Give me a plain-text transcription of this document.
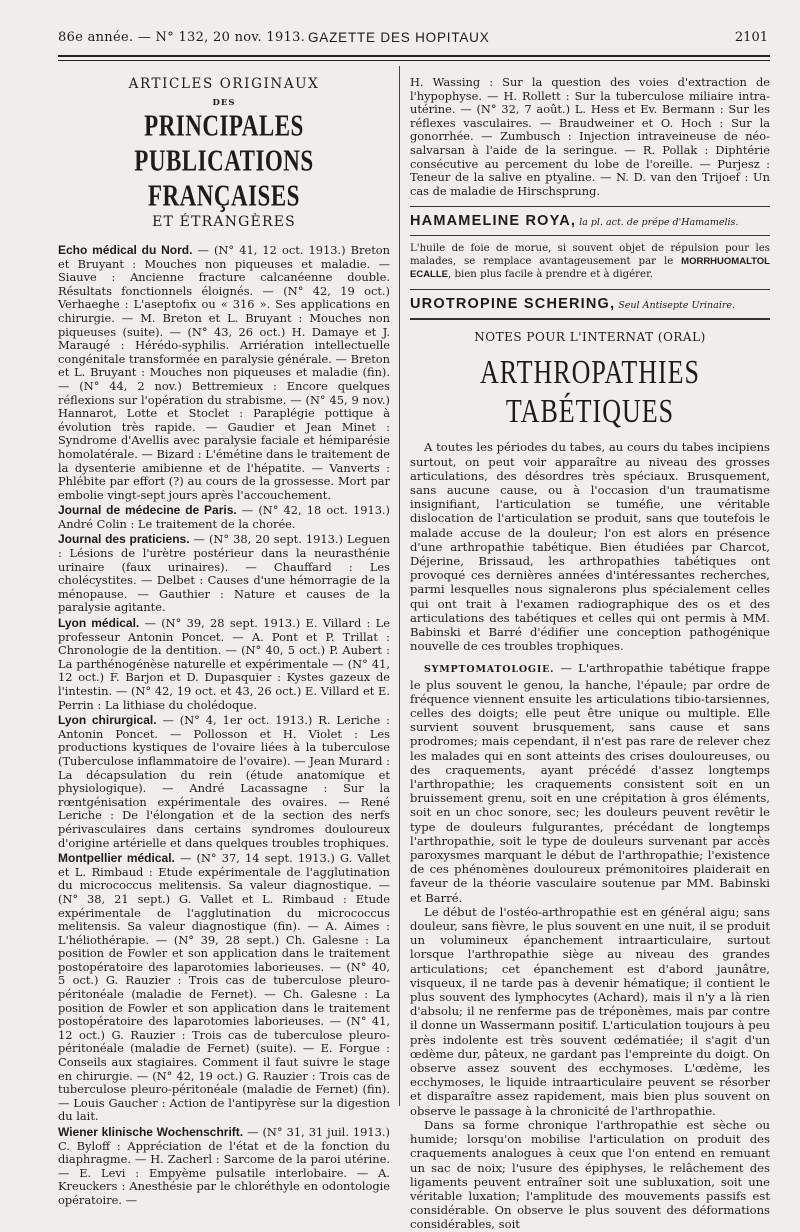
86e année. — N° 132, 20 nov. 1913. GAZETTE DES HOPITAUX	2101
ARTICLES ORIGINAUX
DES
PRINCIPALES PUBLICATIONS FRANÇAISES
ET ÉTRANGÈRES

Echo médical du Nord. — (N° 41, 12 oct. 1913.) Breton et Bruyant : Mouches non piqueuses et maladie. — Siauve : Ancienne fracture calcanéenne double. Résultats fonctionnels éloignés. — (N° 42, 19 oct.) Verhaeghe : L'aseptofix ou « 316 ». Ses applications en chirurgie. — M. Breton et L. Bruyant : Mouches non piqueuses (suite). — (N° 43, 26 oct.) H. Damaye et J. Maraugé : Hérédo-syphilis. Arriération intellectuelle congénitale transformée en paralysie générale. — Breton et L. Bruyant : Mouches non piqueuses et maladie (fin). — (N° 44, 2 nov.) Bettremieux : Encore quelques réflexions sur l'opération du strabisme. — (N° 45, 9 nov.) Hannarot, Lotte et Stoclet : Paraplégie pottique à évolution très rapide. — Gaudier et Jean Minet : Syndrome d'Avellis avec paralysie faciale et hémiparésie homolatérale. — Bizard : L'émétine dans le traitement de la dysenterie amibienne et de l'hépatite. — Vanverts : Phlébite par effort (?) au cours de la grossesse. Mort par embolie vingt-sept jours après l'accouchement.

Journal de médecine de Paris. — (N° 42, 18 oct. 1913.) André Colin : Le traitement de la chorée.

Journal des praticiens. — (N° 38, 20 sept. 1913.) Leguen : Lésions de l'urètre postérieur dans la neurasthénie urinaire (faux urinaires). — Chauffard : Les cholécystites. — Delbet : Causes d'une hémorragie de la ménopause. — Gauthier : Nature et causes de la paralysie agitante.

Lyon médical. — (N° 39, 28 sept. 1913.) E. Villard : Le professeur Antonin Poncet. — A. Pont et P. Trillat : Chronologie de la dentition. — (N° 40, 5 oct.) P. Aubert : La parthénogénèse naturelle et expérimentale — (N° 41, 12 oct.) F. Barjon et D. Dupasquier : Kystes gazeux de l'intestin. — (N° 42, 19 oct. et 43, 26 oct.) E. Villard et E. Perrin : La lithiase du cholédoque.

Lyon chirurgical. — (N° 4, 1er oct. 1913.) R. Leriche : Antonin Poncet. — Pollosson et H. Violet : Les productions kystiques de l'ovaire liées à la tuberculose (Tuberculose inflammatoire de l'ovaire). — Jean Murard : La décapsulation du rein (étude anatomique et physiologique). — André Lacassagne : Sur la rœntgénisation expérimentale des ovaires. — René Leriche : De l'élongation et de la section des nerfs périvasculaires dans certains syndromes douloureux d'origine artérielle et dans quelques troubles trophiques.

Montpellier médical. — (N° 37, 14 sept. 1913.) G. Vallet et L. Rimbaud : Etude expérimentale de l'agglutination du micrococcus melitensis. Sa valeur diagnostique. — (N° 38, 21 sept.) G. Vallet et L. Rimbaud : Etude expérimentale de l'agglutination du micrococcus melitensis. Sa valeur diagnostique (fin). — A. Aimes : L'héliothérapie. — (N° 39, 28 sept.) Ch. Galesne : La position de Fowler et son application dans le traitement postopératoire des laparotomies laborieuses. — (N° 40, 5 oct.) G. Rauzier : Trois cas de tuberculose pleuro-péritonéale (maladie de Fernet). — Ch. Galesne : La position de Fowler et son application dans le traitement postopératoire des laparotomies laborieuses. — (N° 41, 12 oct.) G. Rauzier : Trois cas de tuberculose pleuro-péritonéale (maladie de Fernet) (suite). — E. Forgue : Conseils aux stagiaires. Comment il faut suivre le stage en chirurgie. — (N° 42, 19 oct.) G. Rauzier : Trois cas de tuberculose pleuro-péritonéale (maladie de Fernet) (fin). — Louis Gaucher : Action de l'antipyrèse sur la digestion du lait.

Wiener klinische Wochenschrift. — (N° 31, 31 juil. 1913.) C. Byloff : Appréciation de l'état et de la fonction du diaphragme. — H. Zacherl : Sarcome de la paroi utérine. — E. Levi : Empyème pulsatile interlobaire. — A. Kreuckers : Anesthésie par le chloréthyle en odontologie opératoire. —

H. Wassing : Sur la question des voies d'extraction de l'hypophyse. — H. Rollett : Sur la tuberculose miliaire intra-utérine. — (N° 32, 7 août.) L. Hess et Ev. Bermann : Sur les réflexes vasculaires. — Braudweiner et O. Hoch : Sur la gonorrhée. — Zumbusch : Injection intraveineuse de néo-salvarsan à l'aide de la seringue. — R. Pollak : Diphtérie consécutive au percement du lobe de l'oreille. — Purjesz : Teneur de la salive en ptyaline. — N. D. van den Trijoef : Un cas de maladie de Hirschsprung.

HAMAMELINE ROYA, la pl. act. de prépe d'Hamamelis.

L'huile de foie de morue, si souvent objet de répulsion pour les malades, se remplace avantageusement par le MORRHUOMALTOL ECALLE, bien plus facile à prendre et à digérer.

UROTROPINE SCHERING, Seul Antisepte Urinaire.
NOTES POUR L'INTERNAT (ORAL)
ARTHROPATHIES TABÉTIQUES

A toutes les périodes du tabes, au cours du tabes incipiens surtout, on peut voir apparaître au niveau des grosses articulations, des désordres très spéciaux. Brusquement, sans aucune cause, ou à l'occasion d'un traumatisme insignifiant, l'articulation se tuméfie, une véritable dislocation de l'articulation se produit, sans que toutefois le malade accuse de la douleur; l'on est alors en présence d'une arthropathie tabétique. Bien étudiées par Charcot, Déjerine, Brissaud, les arthropathies tabétiques ont provoqué ces dernières années d'intéressantes recherches, parmi lesquelles nous signalerons plus spécialement celles qui ont trait à l'examen radiographique des os et des articulations des tabétiques et celles qui ont permis à MM. Babinski et Barré d'édifier une conception pathogénique nouvelle de ces troubles trophiques.

SYMPTOMATOLOGIE. — L'arthropathie tabétique frappe le plus souvent le genou, la hanche, l'épaule; par ordre de fréquence viennent ensuite les articulations tibio-tarsiennes, celles des doigts; elle peut être unique ou multiple. Elle survient souvent brusquement, sans cause et sans prodromes; mais cependant, il n'est pas rare de relever chez les malades qui en sont atteints des crises douloureuses, ou des craquements, ayant précédé d'assez longtemps l'arthropathie; les craquements consistent soit en un bruissement grenu, soit en une crépitation à gros éléments, soit en un choc sonore, sec; les douleurs peuvent revêtir le type de douleurs fulgurantes, précédant de longtemps l'arthropathie, soit le type de douleurs survenant par accès paroxysmes marquant le début de l'arthropathie; l'existence de ces phénomènes douloureux prémonitoires plaiderait en faveur de la théorie vasculaire soutenue par MM. Babinski et Barré.

Le début de l'ostéo-arthropathie est en général aigu; sans douleur, sans fièvre, le plus souvent en une nuit, il se produit un volumineux épanchement intraarticulaire, surtout lorsque l'arthropathie siège au niveau des grandes articulations; cet épanchement est d'abord jaunâtre, visqueux, il ne tarde pas à devenir hématique; il contient le plus souvent des lymphocytes (Achard), mais il n'y a là rien d'absolu; il ne renferme pas de tréponèmes, mais par contre il donne un Wassermann positif. L'articulation toujours à peu près indolente est très souvent œdématiée; il s'agit d'un œdème dur, pâteux, ne gardant pas l'empreinte du doigt. On observe assez souvent des ecchymoses. L'œdème, les ecchymoses, le liquide intraarticulaire peuvent se résorber et disparaître assez rapidement, mais bien plus souvent on observe le passage à la chronicité de l'arthropathie.

Dans sa forme chronique l'arthropathie est sèche ou humide; lorsqu'on mobilise l'articulation on produit des craquements analogues à ceux que l'on entend en remuant un sac de noix; l'usure des épiphyses, le relâchement des ligaments peuvent entraîner soit une subluxation, soit une véritable luxation; l'amplitude des mouvements passifs est considérable. On observe le plus souvent des déformations considérables, soit
